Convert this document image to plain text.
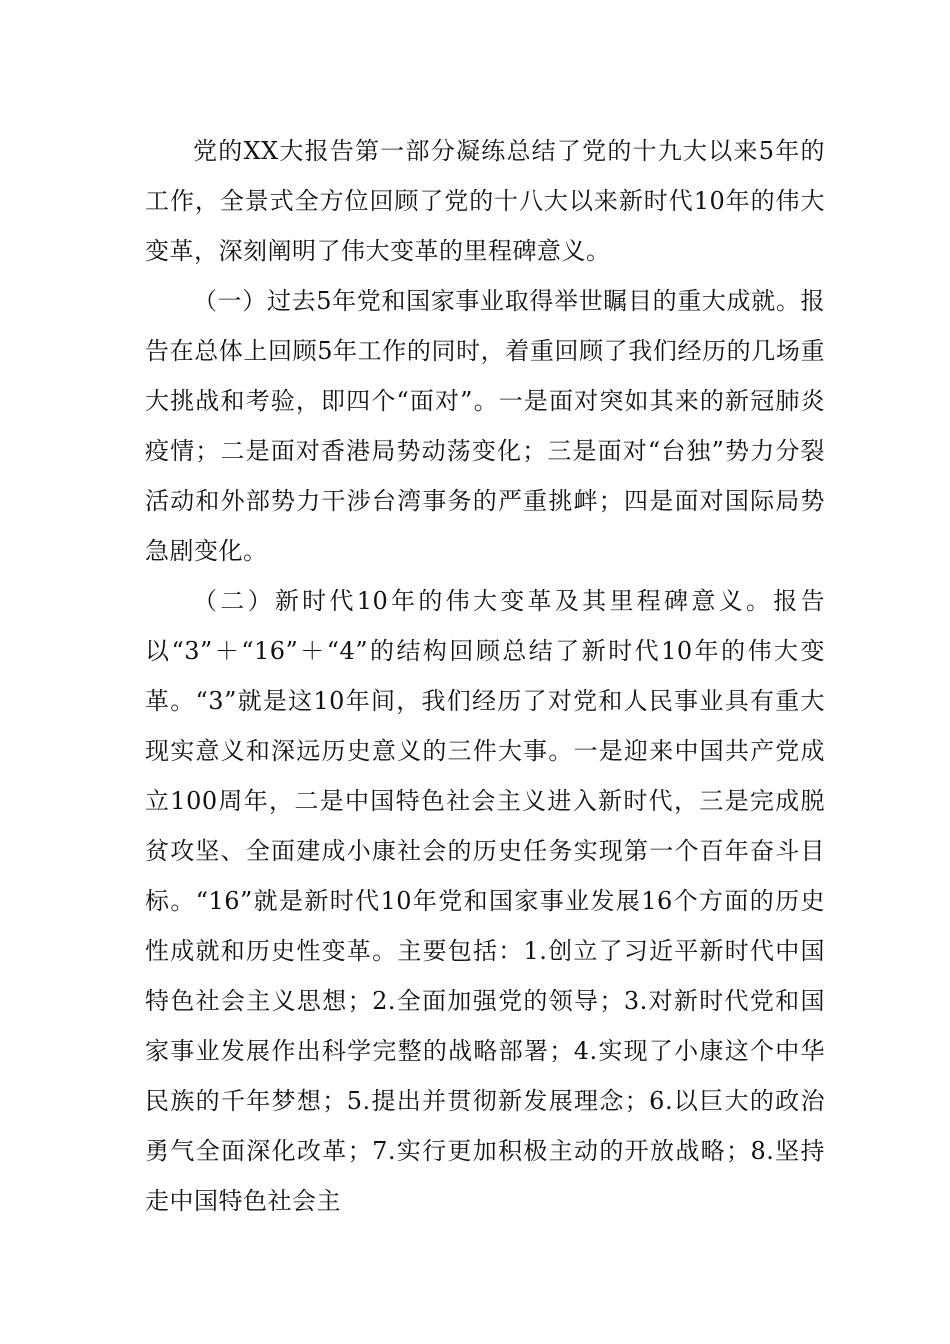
党的XX大报告第一部分凝练总结了党的十九大以来5年的工作，全景式全方位回顾了党的十八大以来新时代10年的伟大变革，深刻阐明了伟大变革的里程碑意义。

（一）过去5年党和国家事业取得举世瞩目的重大成就。报告在总体上回顾5年工作的同时，着重回顾了我们经历的几场重大挑战和考验，即四个“面对”。一是面对突如其来的新冠肺炎疫情；二是面对香港局势动荡变化；三是面对“台独”势力分裂活动和外部势力干涉台湾事务的严重挑衅；四是面对国际局势急剧变化。

（二）新时代10年的伟大变革及其里程碑意义。报告以“3”＋“16”＋“4”的结构回顾总结了新时代10年的伟大变革。“3”就是这10年间，我们经历了对党和人民事业具有重大现实意义和深远历史意义的三件大事。一是迎来中国共产党成立100周年，二是中国特色社会主义进入新时代，三是完成脱贫攻坚、全面建成小康社会的历史任务实现第一个百年奋斗目标。“16”就是新时代10年党和国家事业发展16个方面的历史性成就和历史性变革。主要包括：1.创立了习近平新时代中国特色社会主义思想；2.全面加强党的领导；3.对新时代党和国家事业发展作出科学完整的战略部署；4.实现了小康这个中华民族的千年梦想；5.提出并贯彻新发展理念；6.以巨大的政治勇气全面深化改革；7.实行更加积极主动的开放战略；8.坚持走中国特色社会主
